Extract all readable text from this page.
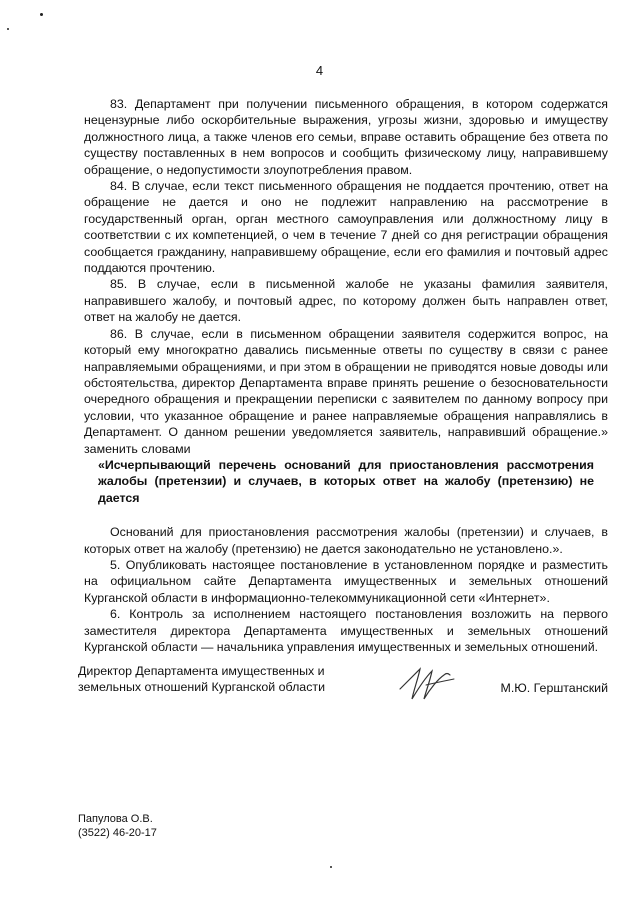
4

83. Департамент при получении письменного обращения, в котором содержатся нецензурные либо оскорбительные выражения, угрозы жизни, здоровью и имуществу должностного лица, а также членов его семьи, вправе оставить обращение без ответа по существу поставленных в нем вопросов и сообщить физическому лицу, направившему обращение, о недопустимости злоупотребления правом.

84. В случае, если текст письменного обращения не поддается прочтению, ответ на обращение не дается и оно не подлежит направлению на рассмотрение в государственный орган, орган местного самоуправления или должностному лицу в соответствии с их компетенцией, о чем в течение 7 дней со дня регистрации обращения сообщается гражданину, направившему обращение, если его фамилия и почтовый адрес поддаются прочтению.

85. В случае, если в письменной жалобе не указаны фамилия заявителя, направившего жалобу, и почтовый адрес, по которому должен быть направлен ответ, ответ на жалобу не дается.

86. В случае, если в письменном обращении заявителя содержится вопрос, на который ему многократно давались письменные ответы по существу в связи с ранее направляемыми обращениями, и при этом в обращении не приводятся новые доводы или обстоятельства, директор Департамента вправе принять решение о безосновательности очередного обращения и прекращении переписки с заявителем по данному вопросу при условии, что указанное обращение и ранее направляемые обращения направлялись в Департамент. О данном решении уведомляется заявитель, направивший обращение.» заменить словами

«Исчерпывающий перечень оснований для приостановления рассмотрения жалобы (претензии) и случаев, в которых ответ на жалобу (претензию) не дается

Оснований для приостановления рассмотрения жалобы (претензии) и случаев, в которых ответ на жалобу (претензию) не дается законодательно не установлено.».

5. Опубликовать настоящее постановление в установленном порядке и разместить на официальном сайте Департамента имущественных и земельных отношений Курганской области в информационно-телекоммуникационной сети «Интернет».

6. Контроль за исполнением настоящего постановления возложить на первого заместителя директора Департамента имущественных и земельных отношений Курганской области — начальника управления имущественных и земельных отношений.

Директор Департамента имущественных и
земельных отношений Курганской области	М.Ю. Герштанский
Папулова О.В.
(3522) 46-20-17
